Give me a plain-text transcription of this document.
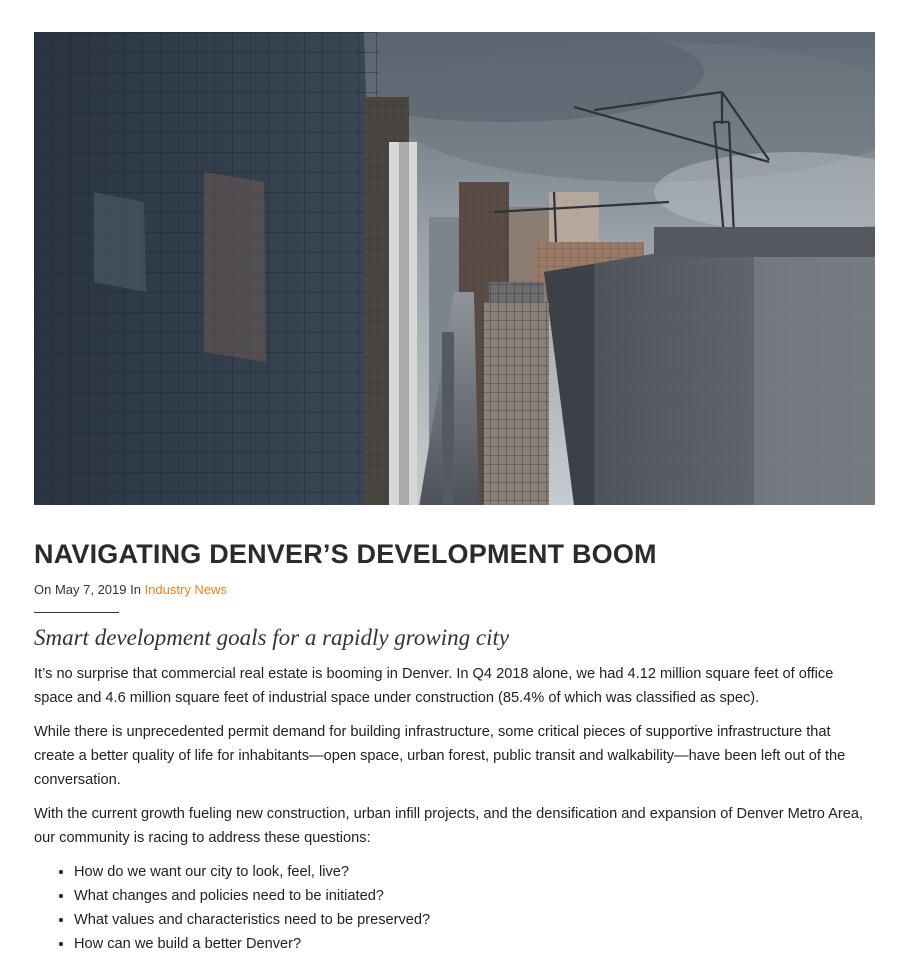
NAVIGATING DENVER’S DEVELOPMENT BOOM
On May 7, 2019 In Industry News
Smart development goals for a rapidly growing city

It’s no surprise that commercial real estate is booming in Denver. In Q4 2018 alone, we had 4.12 million square feet of office space and 4.6 million square feet of industrial space under construction (85.4% of which was classified as spec).

While there is unprecedented permit demand for building infrastructure, some critical pieces of supportive infrastructure that create a better quality of life for inhabitants—open space, urban forest, public transit and walkability—have been left out of the conversation.

With the current growth fueling new construction, urban infill projects, and the densification and expansion of Denver Metro Area, our community is racing to address these questions:

• How do we want our city to look, feel, live?
• What changes and policies need to be initiated?
• What values and characteristics need to be preserved?
• How can we build a better Denver?
